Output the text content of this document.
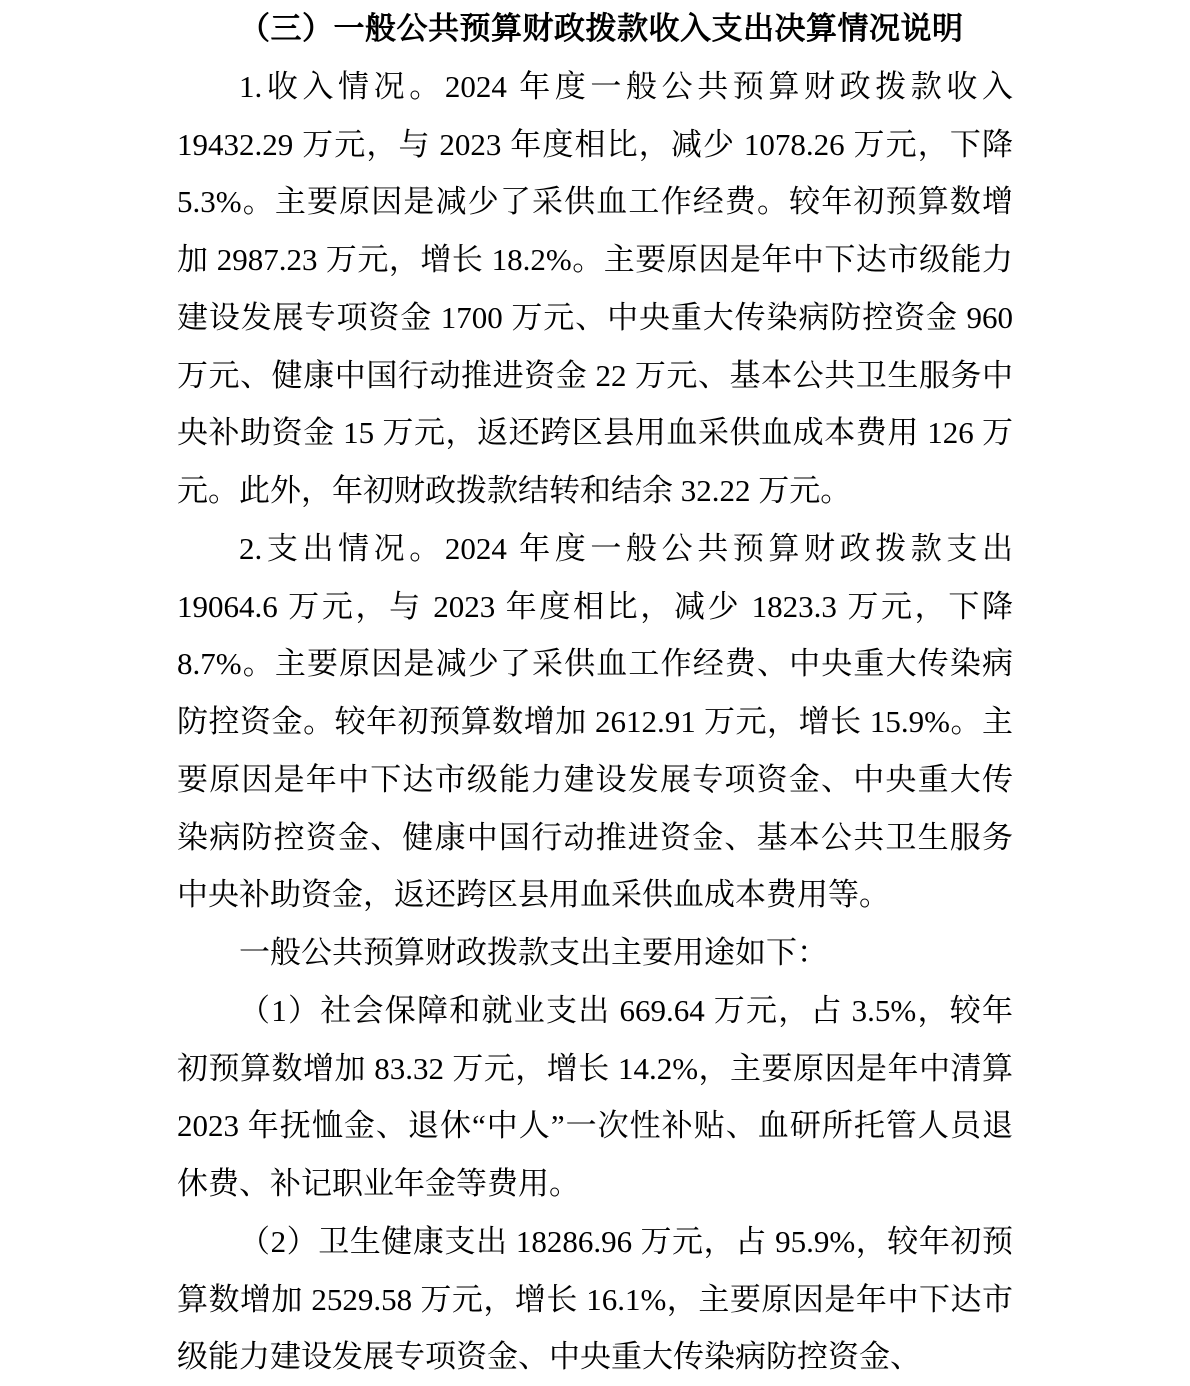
（三）一般公共预算财政拨款收入支出决算情况说明

1.收入情况。2024 年度一般公共预算财政拨款收入 19432.29 万元，与 2023 年度相比，减少 1078.26 万元，下降 5.3%。主要原因是减少了采供血工作经费。较年初预算数增加 2987.23 万元，增长 18.2%。主要原因是年中下达市级能力建设发展专项资金 1700 万元、中央重大传染病防控资金 960 万元、健康中国行动推进资金 22 万元、基本公共卫生服务中央补助资金 15 万元，返还跨区县用血采供血成本费用 126 万元。此外，年初财政拨款结转和结余 32.22 万元。

2.支出情况。2024 年度一般公共预算财政拨款支出 19064.6 万元，与 2023 年度相比，减少 1823.3 万元，下降 8.7%。主要原因是减少了采供血工作经费、中央重大传染病防控资金。较年初预算数增加 2612.91 万元，增长 15.9%。主要原因是年中下达市级能力建设发展专项资金、中央重大传染病防控资金、健康中国行动推进资金、基本公共卫生服务中央补助资金，返还跨区县用血采供血成本费用等。

一般公共预算财政拨款支出主要用途如下：

（1）社会保障和就业支出 669.64 万元，占 3.5%，较年初预算数增加 83.32 万元，增长 14.2%，主要原因是年中清算 2023 年抚恤金、退休“中人”一次性补贴、血研所托管人员退休费、补记职业年金等费用。

（2）卫生健康支出 18286.96 万元，占 95.9%，较年初预算数增加 2529.58 万元，增长 16.1%，主要原因是年中下达市级能力建设发展专项资金、中央重大传染病防控资金、
